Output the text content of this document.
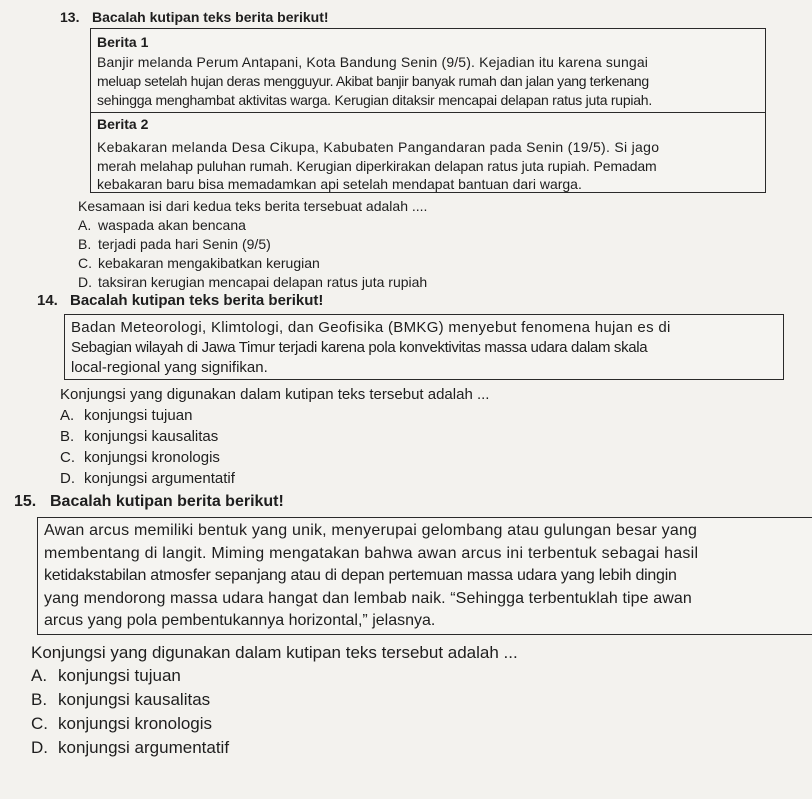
13. Bacalah kutipan teks berita berikut!
Berita 1
Banjir melanda Perum Antapani, Kota Bandung Senin (9/5). Kejadian itu karena sungai
meluap setelah hujan deras mengguyur. Akibat banjir banyak rumah dan jalan yang terkenang
sehingga menghambat aktivitas warga. Kerugian ditaksir mencapai delapan ratus juta rupiah.
Berita 2
Kebakaran melanda Desa Cikupa, Kabubaten Pangandaran pada Senin (19/5). Si jago
merah melahap puluhan rumah. Kerugian diperkirakan delapan ratus juta rupiah. Pemadam
kebakaran baru bisa memadamkan api setelah mendapat bantuan dari warga.
Kesamaan isi dari kedua teks berita tersebuat adalah ....
A. waspada akan bencana
B. terjadi pada hari Senin (9/5)
C. kebakaran mengakibatkan kerugian
D. taksiran kerugian mencapai delapan ratus juta rupiah
14. Bacalah kutipan teks berita berikut!
Badan Meteorologi, Klimtologi, dan Geofisika (BMKG) menyebut fenomena hujan es di
Sebagian wilayah di Jawa Timur terjadi karena pola konvektivitas massa udara dalam skala
local-regional yang signifikan.
Konjungsi yang digunakan dalam kutipan teks tersebut adalah ...
A. konjungsi tujuan
B. konjungsi kausalitas
C. konjungsi kronologis
D. konjungsi argumentatif
15. Bacalah kutipan berita berikut!
Awan arcus memiliki bentuk yang unik, menyerupai gelombang atau gulungan besar yang
membentang di langit. Miming mengatakan bahwa awan arcus ini terbentuk sebagai hasil
ketidakstabilan atmosfer sepanjang atau di depan pertemuan massa udara yang lebih dingin
yang mendorong massa udara hangat dan lembab naik. “Sehingga terbentuklah tipe awan
arcus yang pola pembentukannya horizontal,” jelasnya.
Konjungsi yang digunakan dalam kutipan teks tersebut adalah ...
A. konjungsi tujuan
B. konjungsi kausalitas
C. konjungsi kronologis
D. konjungsi argumentatif
